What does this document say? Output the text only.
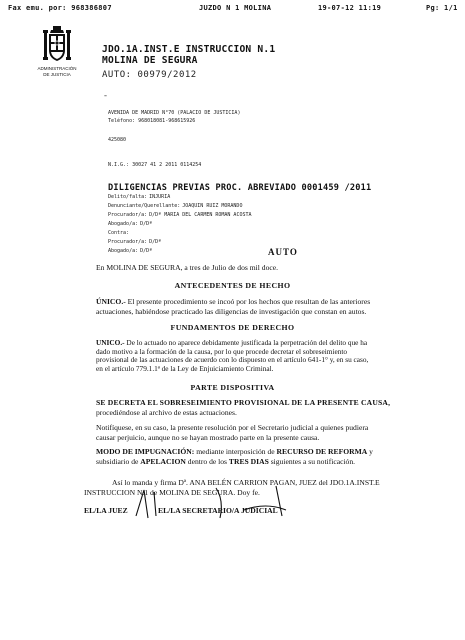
Fax emu. por: 968386807	JUZDO N 1 MOLINA	19-07-12 11:19	Pg: 1/1
ADMINISTRACIÓN
DE JUSTICIA
JDO.1A.INST.E INSTRUCCION N.1
MOLINA DE SEGURA
AUTO: 00979/2012
-
AVENIDA DE MADRID N°70 (PALACIO DE JUSTICIA)
Teléfono: 968018081-968615926
425080
N.I.G.: 30027 41 2 2011 0114254
DILIGENCIAS PREVIAS PROC. ABREVIADO 0001459 /2011
Delito/falta: INJURIA
Denunciante/Querellante: JOAQUIN RUIZ MORANDO
Procurador/a: D/Dª MARIA DEL CARMEN ROMAN ACOSTA
Abogado/a: D/Dª
Contra:
Procurador/a: D/Dª
Abogado/a: D/Dª	AUTO
En MOLINA DE SEGURA, a tres de Julio de dos mil doce.
ANTECEDENTES DE HECHO
ÚNICO.- El presente procedimiento se incoó por los hechos que resultan de las anteriores
actuaciones, habiéndose practicado las diligencias de investigación que constan en autos.
FUNDAMENTOS DE DERECHO
UNICO.- De lo actuado no aparece debidamente justificada la perpetración del delito que ha
dado motivo a la formación de la causa, por lo que procede decretar el sobreseimiento
provisional de las actuaciones de acuerdo con lo dispuesto en el artículo 641-1° y, en su caso,
en el artículo 779.1.1ª de la Ley de Enjuiciamiento Criminal.
PARTE DISPOSITIVA
SE DECRETA EL SOBRESEIMIENTO PROVISIONAL DE LA PRESENTE CAUSA,
procediéndose al archivo de estas actuaciones.
Notifíquese, en su caso, la presente resolución por el Secretario judicial a quienes pudiera
causar perjuicio, aunque no se hayan mostrado parte en la presente causa.
MODO DE IMPUGNACIÓN: mediante interposición de RECURSO DE REFORMA y
subsidiario de APELACION dentro de los TRES DIAS siguientes a su notificación.
Así lo manda y firma Dª. ANA BELÉN CARRION PAGAN, JUEZ del JDO.1A.INST.E
INSTRUCCION N.1 de MOLINA DE SEGURA. Doy fe.
EL/LA JUEZ	EL/LA SECRETARIO/A JUDICIAL
